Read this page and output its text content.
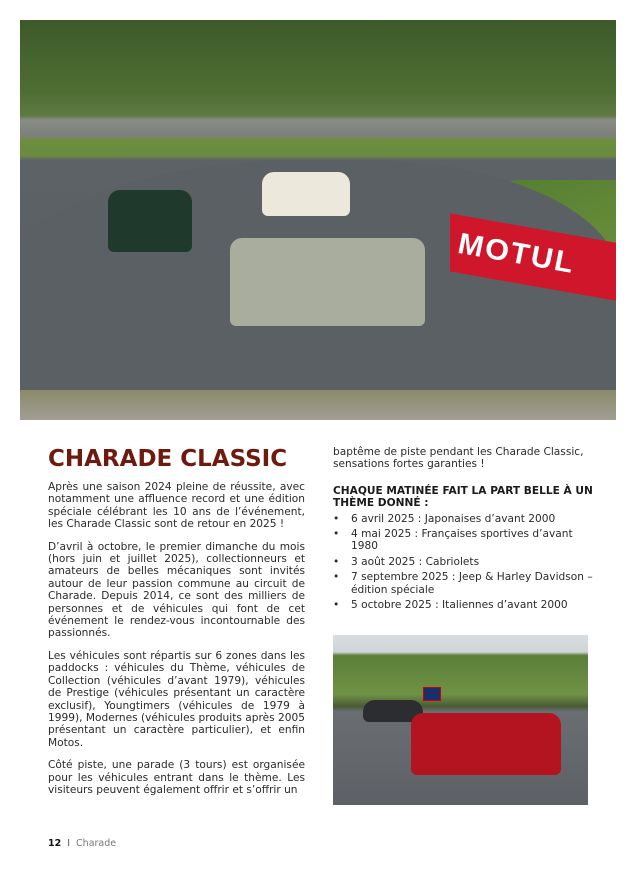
MOTUL
CHARADE CLASSIC

Après une saison 2024 pleine de réussite, avec notamment une affluence record et une édition spéciale célébrant les 10 ans de l’événement, les Charade Classic sont de retour en 2025 !

D’avril à octobre, le premier dimanche du mois (hors juin et juillet 2025), collectionneurs et amateurs de belles mécaniques sont invités autour de leur passion commune au circuit de Charade. Depuis 2014, ce sont des milliers de personnes et de véhicules qui font de cet événement le rendez-vous incontournable des passionnés.

Les véhicules sont répartis sur 6 zones dans les paddocks : véhicules du Thème, véhicules de Collection (véhicules d’avant 1979), véhicules de Prestige (véhicules présentant un caractère exclusif), Youngtimers (véhicules de 1979 à 1999), Modernes (véhicules produits après 2005 présentant un caractère particulier), et enfin Motos.

Côté piste, une parade (3 tours) est organisée pour les véhicules entrant dans le thème. Les visiteurs peuvent également offrir et s’offrir un

baptême de piste pendant les Charade Classic, sensations fortes garanties !

CHAQUE MATINÉE FAIT LA PART BELLE À UN THÈME DONNÉ :
• 6 avril 2025 : Japonaises d’avant 2000
• 4 mai 2025 : Françaises sportives d’avant 1980
• 3 août 2025 : Cabriolets
• 7 septembre 2025 : Jeep & Harley Davidson – édition spéciale
• 5 octobre 2025 : Italiennes d’avant 2000
12 I Charade
